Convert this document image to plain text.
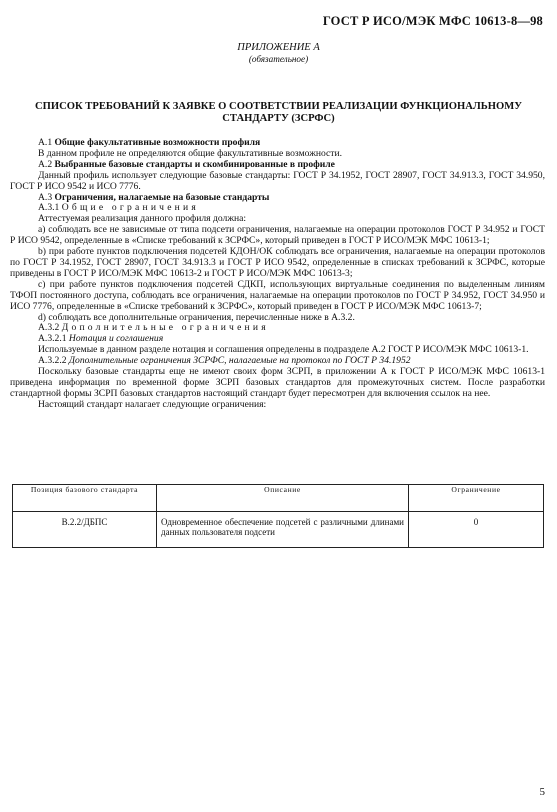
ГОСТ Р ИСО/МЭК МФС 10613-8—98
ПРИЛОЖЕНИЕ А
(обязательное)
СПИСОК ТРЕБОВАНИЙ К ЗАЯВКЕ О СООТВЕТСТВИИ РЕАЛИЗАЦИИ ФУНКЦИОНАЛЬНОМУ СТАНДАРТУ (ЗСРФС)

А.1 Общие факультативные возможности профиля

В данном профиле не определяются общие факультативные возможности.

А.2 Выбранные базовые стандарты и скомбинированные в профиле

Данный профиль использует следующие базовые стандарты: ГОСТ Р 34.1952, ГОСТ 28907, ГОСТ 34.913.3, ГОСТ 34.950, ГОСТ Р ИСО 9542 и ИСО 7776.

А.3 Ограничения, налагаемые на базовые стандарты

А.3.1 Общие ограничения

Аттестуемая реализация данного профиля должна:

а) соблюдать все не зависимые от типа подсети ограничения, налагаемые на операции протоколов ГОСТ Р 34.952 и ГОСТ Р ИСО 9542, определенные в «Списке требований к ЗСРФС», который приведен в ГОСТ Р ИСО/МЭК МФС 10613-1;

b) при работе пунктов подключения подсетей КДОН/ОК соблюдать все ограничения, налагаемые на операции протоколов по ГОСТ Р 34.1952, ГОСТ 28907, ГОСТ 34.913.3 и ГОСТ Р ИСО 9542, определенные в списках требований к ЗСРФС, которые приведены в ГОСТ Р ИСО/МЭК МФС 10613-2 и ГОСТ Р ИСО/МЭК МФС 10613-3;

с) при работе пунктов подключения подсетей СДКП, использующих виртуальные соединения по выделенным линиям ТФОП постоянного доступа, соблюдать все ограничения, налагаемые на операции протоколов по ГОСТ Р 34.952, ГОСТ 34.950 и ИСО 7776, определенные в «Списке требований к ЗСРФС», который приведен в ГОСТ Р ИСО/МЭК МФС 10613-7;

d) соблюдать все дополнительные ограничения, перечисленные ниже в А.3.2.

А.3.2 Дополнительные ограничения

А.3.2.1 Нотация и соглашения

Используемые в данном разделе нотация и соглашения определены в подразделе А.2 ГОСТ Р ИСО/МЭК МФС 10613-1.

А.3.2.2 Дополнительные ограничения ЗСРФС, налагаемые на протокол по ГОСТ Р 34.1952

Поскольку базовые стандарты еще не имеют своих форм ЗСРП, в приложении А к ГОСТ Р ИСО/МЭК МФС 10613-1 приведена информация по временной форме ЗСРП базовых стандартов для промежуточных систем. После разработки стандартной формы ЗСРП базовых стандартов настоящий стандарт будет пересмотрен для включения ссылок на нее.

Настоящий стандарт налагает следующие ограничения:

Позиция базового стандарта	Описание	Ограничение
В.2.2/ДБПС	Одновременное обеспечение подсетей с различными длинами данных пользователя подсети	0
5
